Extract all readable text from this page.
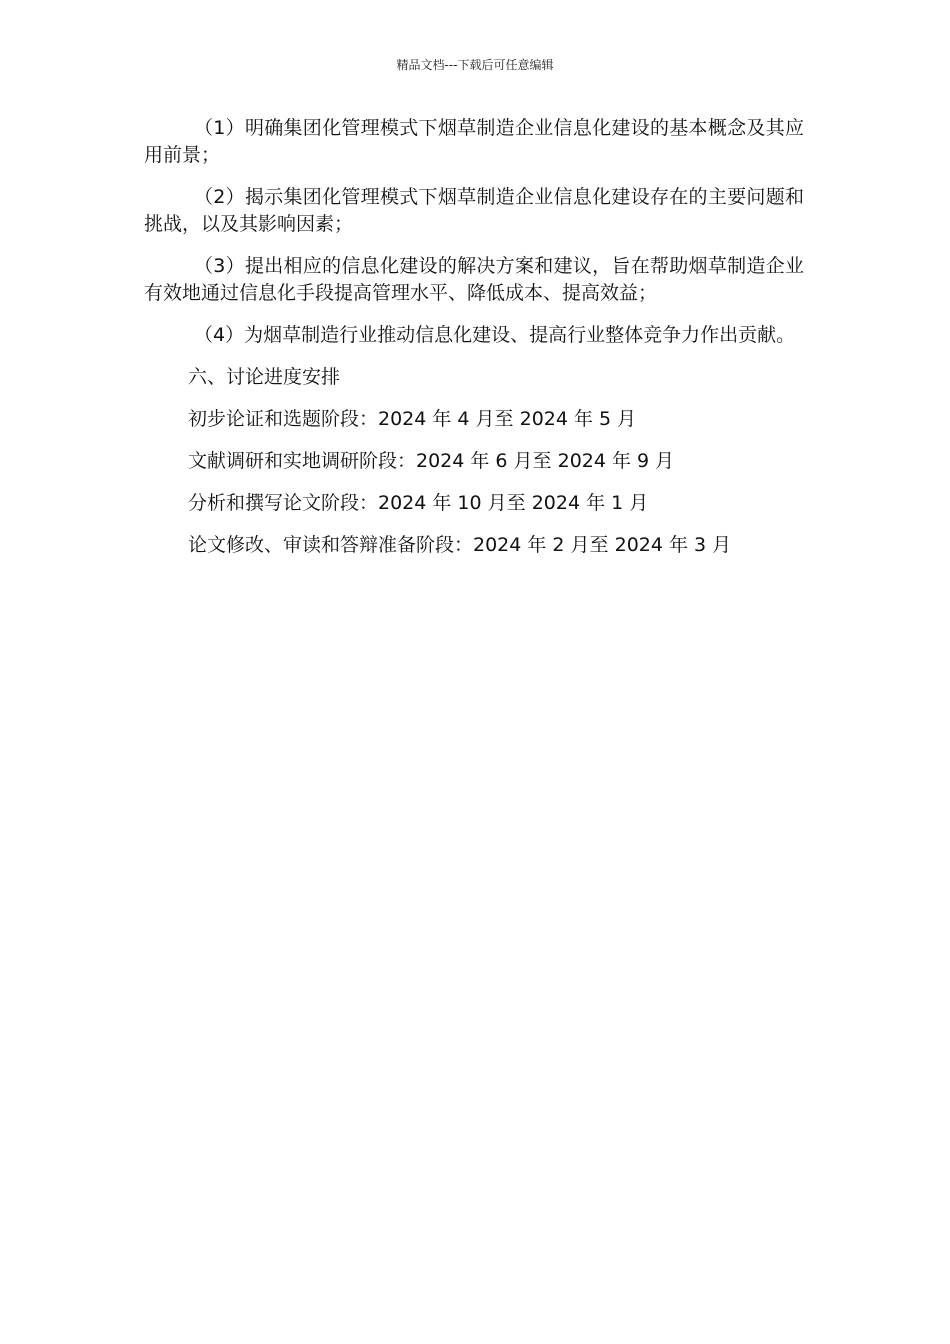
精品文档---下载后可任意编辑

（1）明确集团化管理模式下烟草制造企业信息化建设的基本概念及其应用前景；

（2）揭示集团化管理模式下烟草制造企业信息化建设存在的主要问题和挑战，以及其影响因素；

（3）提出相应的信息化建设的解决方案和建议，旨在帮助烟草制造企业有效地通过信息化手段提高管理水平、降低成本、提高效益；

（4）为烟草制造行业推动信息化建设、提高行业整体竞争力作出贡献。

六、讨论进度安排

初步论证和选题阶段：2024 年 4 月至 2024 年 5 月

文献调研和实地调研阶段：2024 年 6 月至 2024 年 9 月

分析和撰写论文阶段：2024 年 10 月至 2024 年 1 月

论文修改、审读和答辩准备阶段：2024 年 2 月至 2024 年 3 月
